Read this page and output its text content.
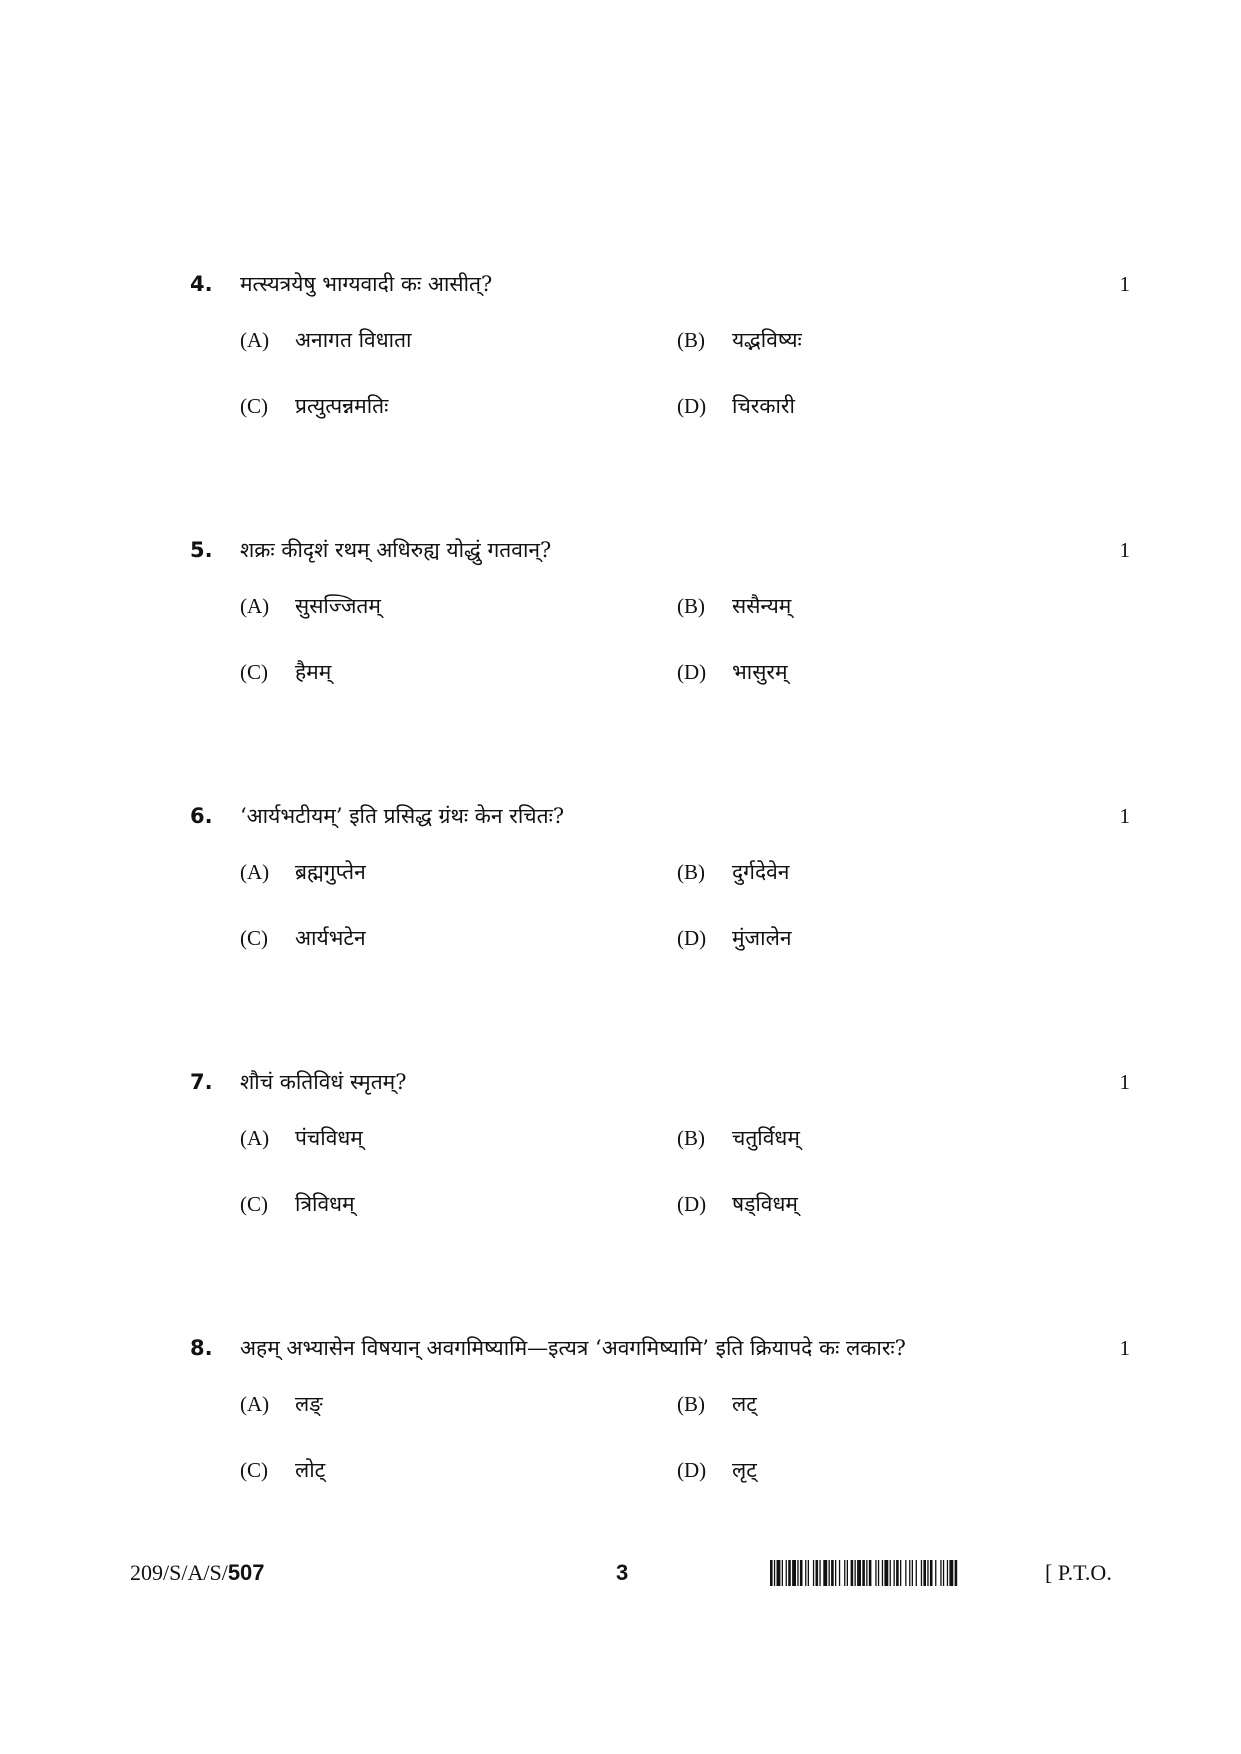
4. मत्स्यत्रयेषु भाग्यवादी कः आसीत्?	1
(A) अनागत विधाता	(B) यद्भविष्यः
(C) प्रत्युत्पन्नमतिः	(D) चिरकारी
5. शक्रः कीदृशं रथम् अधिरुह्य योद्धुं गतवान्?	1
(A) सुसज्जितम्	(B) ससैन्यम्
(C) हैमम्	(D) भासुरम्
6. ‘आर्यभटीयम्’ इति प्रसिद्ध ग्रंथः केन रचितः?	1
(A) ब्रह्मगुप्तेन	(B) दुर्गदेवेन
(C) आर्यभटेन	(D) मुंजालेन
7. शौचं कतिविधं स्मृतम्?	1
(A) पंचविधम्	(B) चतुर्विधम्
(C) त्रिविधम्	(D) षड्विधम्
8. अहम् अभ्यासेन विषयान् अवगमिष्यामि—इत्यत्र ‘अवगमिष्यामि’ इति क्रियापदे कः लकारः?	1
(A) लङ्	(B) लट्
(C) लोट्	(D) लृट्
209/S/A/S/507	3	[ P.T.O.
